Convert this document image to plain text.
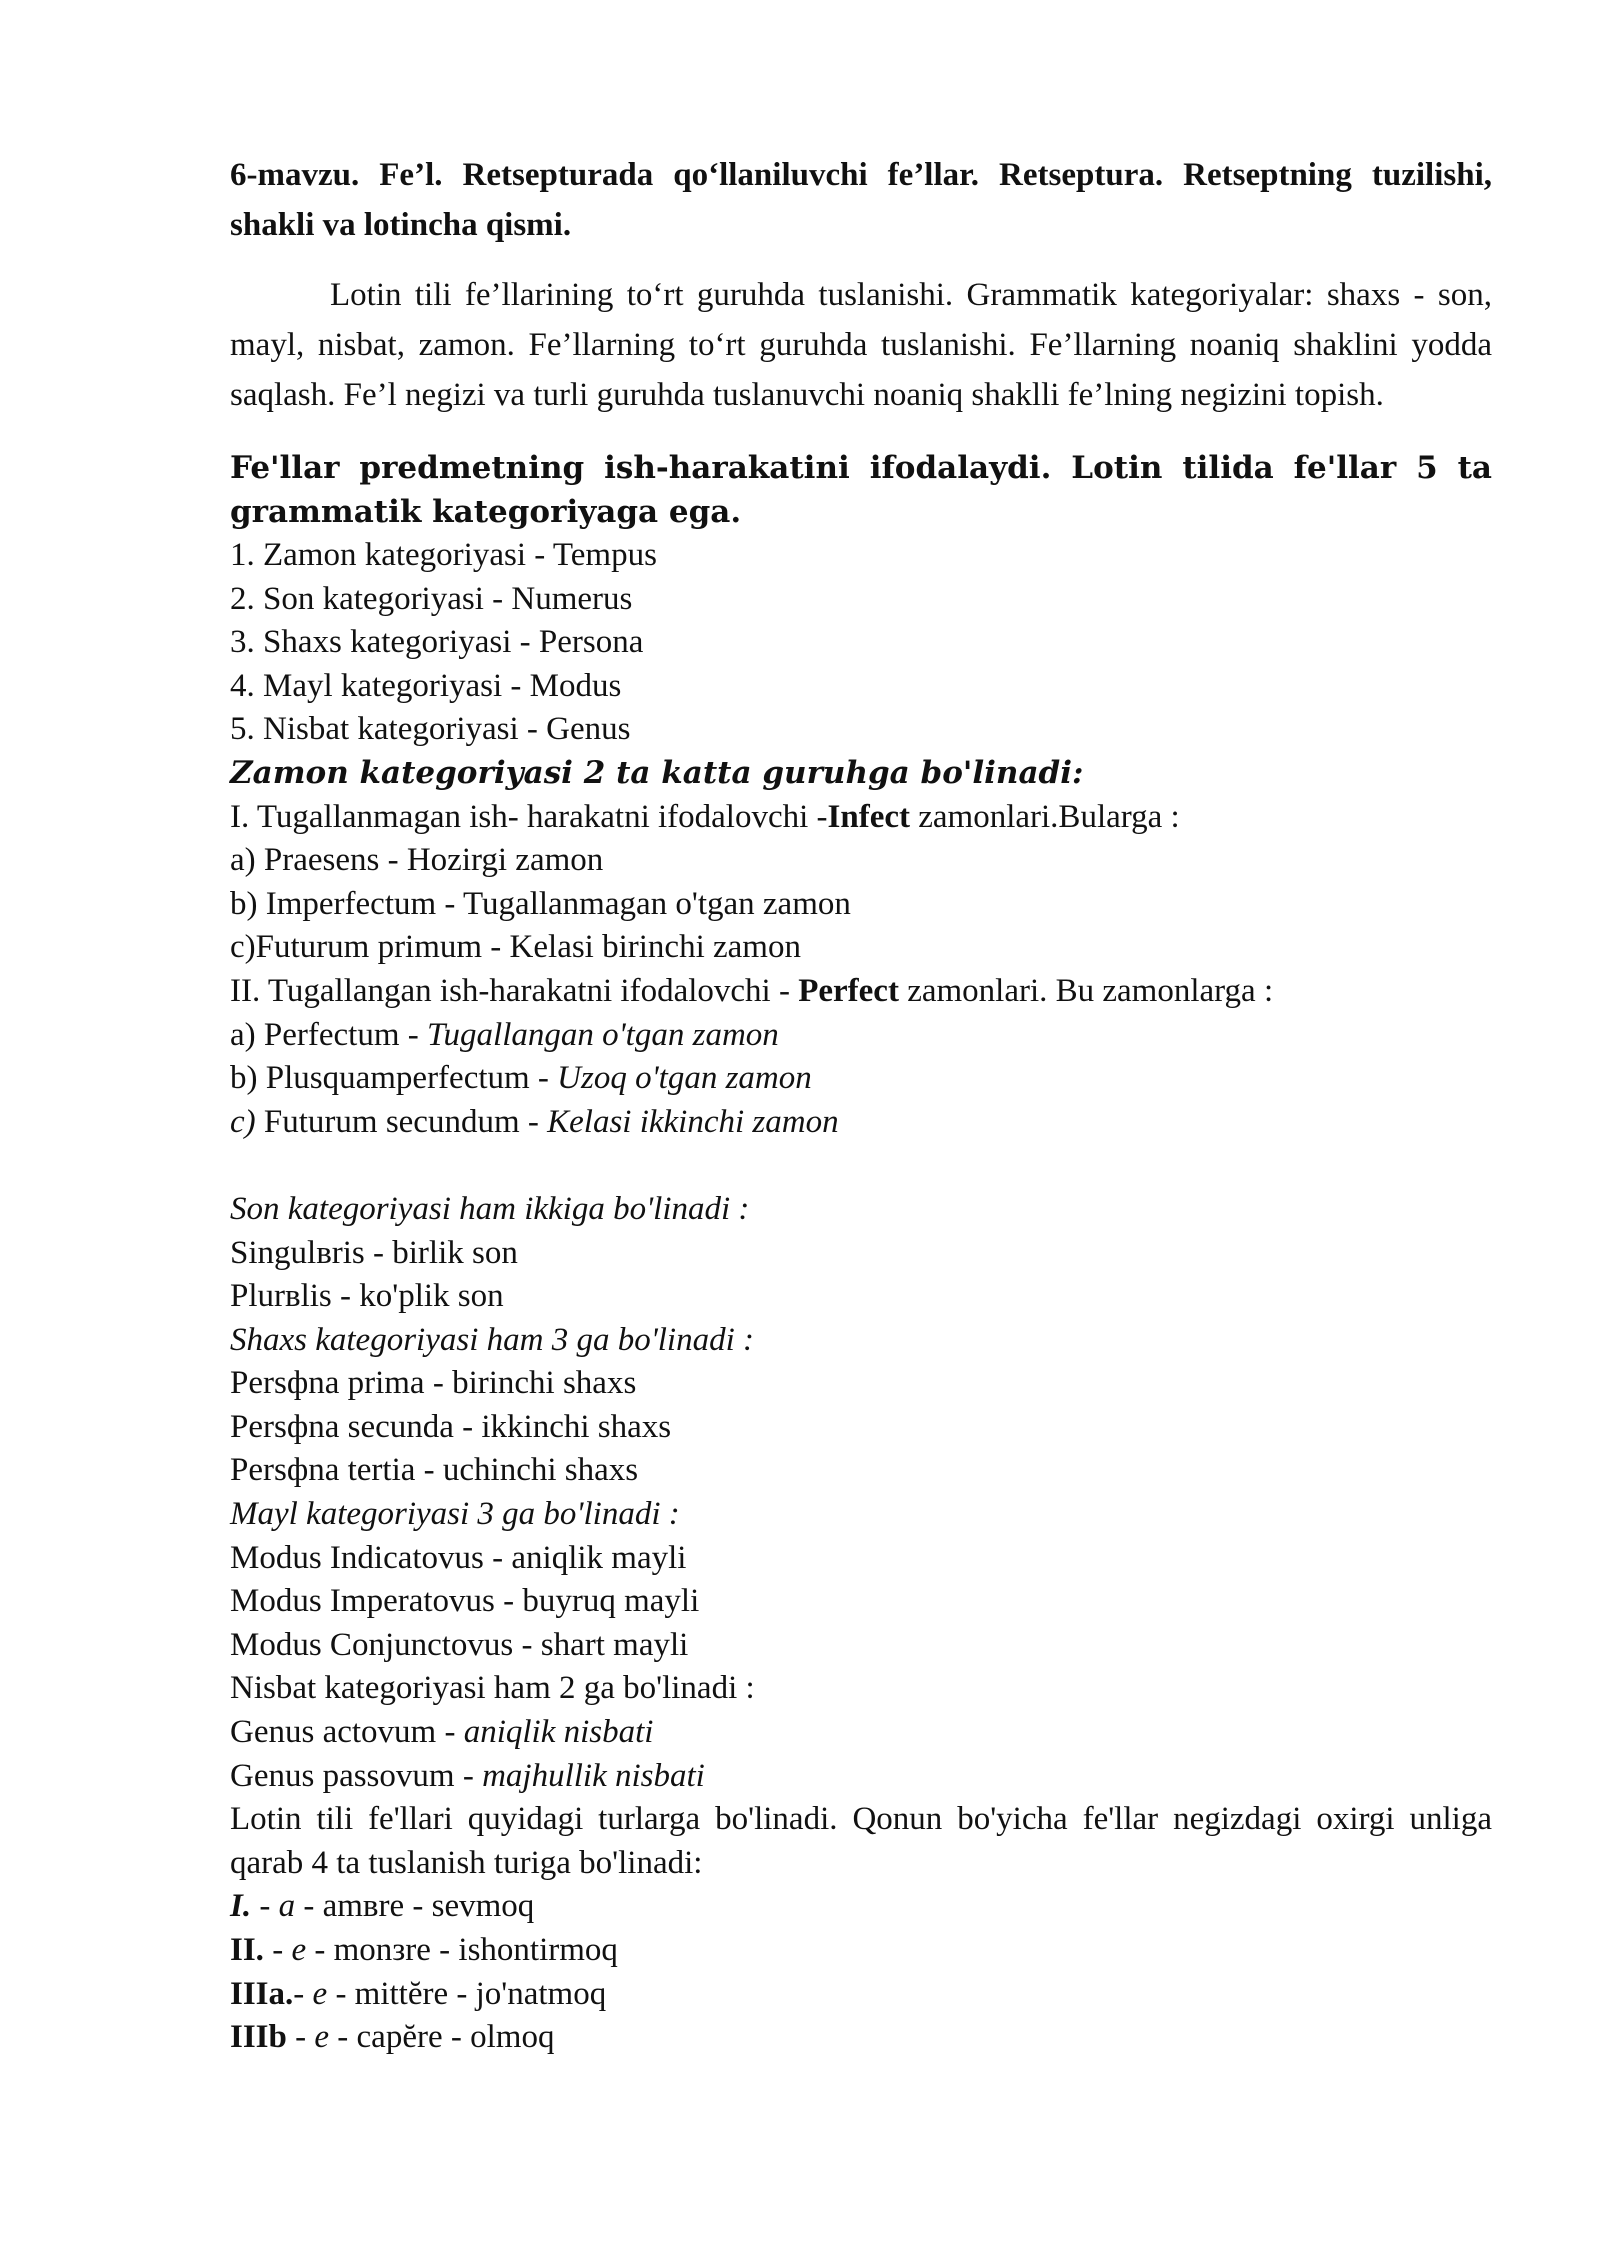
6-mavzu. Fe’l. Retsepturada qo‘llaniluvchi fe’llar. Retseptura. Retseptning tuzilishi, shakli va lotincha qismi.

Lotin tili fe’llarining to‘rt guruhda tuslanishi. Grammatik kategoriyalar: shaxs - son, mayl, nisbat, zamon. Fe’llarning to‘rt guruhda tuslanishi. Fe’llarning noaniq shaklini yodda saqlash. Fe’l negizi va turli guruhda tuslanuvchi noaniq shaklli fe’lning negizini topish.

Fe'llar predmetning ish-harakatini ifodalaydi. Lotin tilida fe'llar 5 ta grammatik kategoriyaga ega.

1. Zamon kategoriyasi - Tempus
2. Son kategoriyasi - Numerus
3. Shaxs kategoriyasi - Persona
4. Mayl kategoriyasi - Modus
5. Nisbat kategoriyasi - Genus
Zamon kategoriyasi 2 ta katta guruhga bo'linadi:
I. Tugallanmagan ish- harakatni ifodalovchi -Infect zamonlari.Bularga :
a) Praesens - Hozirgi zamon
b) Imperfectum - Tugallanmagan o'tgan zamon
c)Futurum primum - Kelasi birinchi zamon
II. Tugallangan ish-harakatni ifodalovchi - Perfect zamonlari. Bu zamonlarga :
a) Perfectum - Tugallangan o'tgan zamon
b) Plusquamperfectum - Uzoq o'tgan zamon
c) Futurum secundum - Kelasi ikkinchi zamon
Son kategoriyasi ham ikkiga bo'linadi :
Singulвris - birlik son
Plurвlis - ko'plik son
Shaxs kategoriyasi ham 3 ga bo'linadi :
Persфna prima - birinchi shaxs
Persфna secunda - ikkinchi shaxs
Persфna tertia - uchinchi shaxs
Mayl kategoriyasi 3 ga bo'linadi :
Modus Indicatovus - aniqlik mayli
Modus Imperatovus - buyruq mayli
Modus Conjunctovus - shart mayli
Nisbat kategoriyasi ham 2 ga bo'linadi :
Genus actovum - aniqlik nisbati
Genus passovum - majhullik nisbati
Lotin tili fe'llari quyidagi turlarga bo'linadi. Qonun bo'yicha fe'llar negizdagi oxirgi unliga qarab 4 ta tuslanish turiga bo'linadi:
I. - a - amвre - sevmoq
II. - e - monзre - ishontirmoq
IIIa.- e - mittĕre - jo'natmoq
IIIb - e - capĕre - olmoq
